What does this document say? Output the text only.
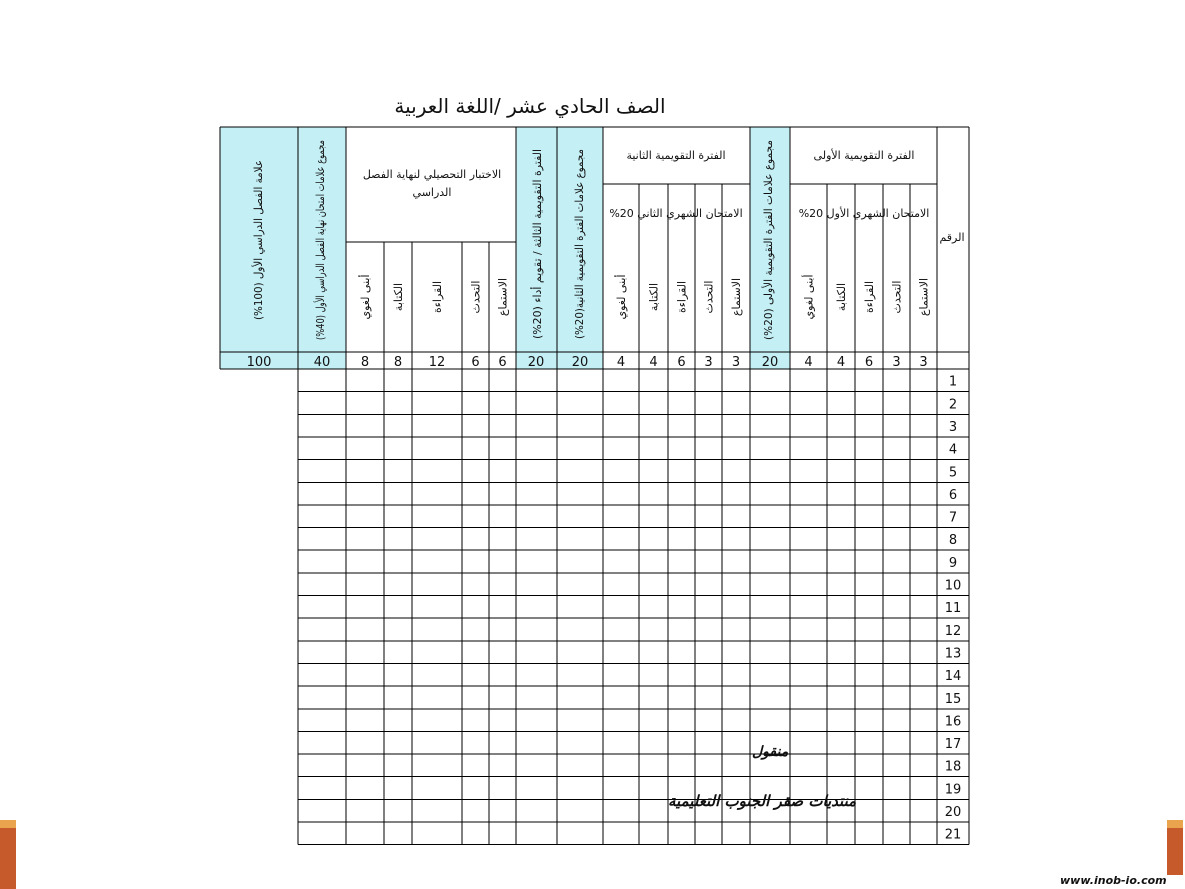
الصف الحادي عشر /اللغة العربية
الرقم
الفترة التقويمية الأولى
الامتحان الشهري الأول 20%
الفترة التقويمية الثانية
الامتحان الشهري الثاني 20%
الاختبار التحصيلي لنهاية الفصل
مجموع علامات الفترة التقويمية الأولى (20%)
مجموع علامات الفترة التقويمية الثانية(20%)
الفترة التقويمية الثالثة / تقويم أداء (20%)
مجموع علامات امتحان نهاية الفصل الدراسي الأول (40%)
علامة الفصل الدراسي الأول (100%)
الاستماع
التحدث
القراءة
الكتابة
أبنى لغوي
الاستماع
التحدث
القراءة
الكتابة
أبنى لغوي
الاستماع
التحدث
القراءة
الكتابة
أبنى لغوي
3
3
6
4
4
20
3
3
6
4
4
20
20
6
6
12
8
8
40
100
1
2
3
4
5
6
7
8
9
10
11
12
13
14
15
16
17
18
19
20
21
الدراسي
منقول
منتديات صقر الجنوب التعليمية
www.inob-io.com
